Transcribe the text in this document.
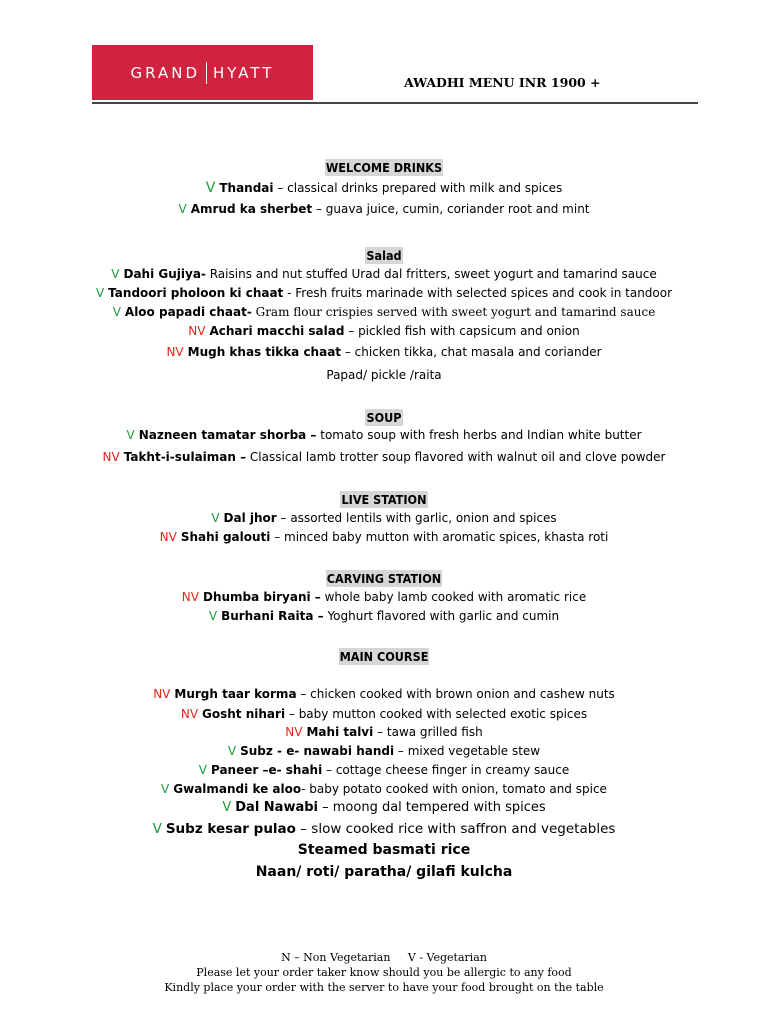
GRAND HYATT
AWADHI MENU INR 1900 +
WELCOME DRINKS
V Thandai – classical drinks prepared with milk and spices
V Amrud ka sherbet – guava juice, cumin, coriander root and mint
Salad
V Dahi Gujiya- Raisins and nut stuffed Urad dal fritters, sweet yogurt and tamarind sauce
V Tandoori pholoon ki chaat - Fresh fruits marinade with selected spices and cook in tandoor
V Aloo papadi chaat- Gram flour crispies served with sweet yogurt and tamarind sauce
NV Achari macchi salad – pickled fish with capsicum and onion
NV Mugh khas tikka chaat – chicken tikka, chat masala and coriander
Papad/ pickle /raita
SOUP
V Nazneen tamatar shorba – tomato soup with fresh herbs and Indian white butter
NV Takht-i-sulaiman – Classical lamb trotter soup flavored with walnut oil and clove powder
LIVE STATION
V Dal jhor – assorted lentils with garlic, onion and spices
NV Shahi galouti – minced baby mutton with aromatic spices, khasta roti
CARVING STATION
NV Dhumba biryani – whole baby lamb cooked with aromatic rice
V Burhani Raita – Yoghurt flavored with garlic and cumin
MAIN COURSE
NV Murgh taar korma – chicken cooked with brown onion and cashew nuts
NV Gosht nihari – baby mutton cooked with selected exotic spices
NV Mahi talvi – tawa grilled fish
V Subz - e- nawabi handi – mixed vegetable stew
V Paneer –e- shahi – cottage cheese finger in creamy sauce
V Gwalmandi ke aloo- baby potato cooked with onion, tomato and spice
V Dal Nawabi – moong dal tempered with spices
V Subz kesar pulao – slow cooked rice with saffron and vegetables
Steamed basmati rice
Naan/ roti/ paratha/ gilafi kulcha
N – Non Vegetarian     V - Vegetarian
Please let your order taker know should you be allergic to any food
Kindly place your order with the server to have your food brought on the table
